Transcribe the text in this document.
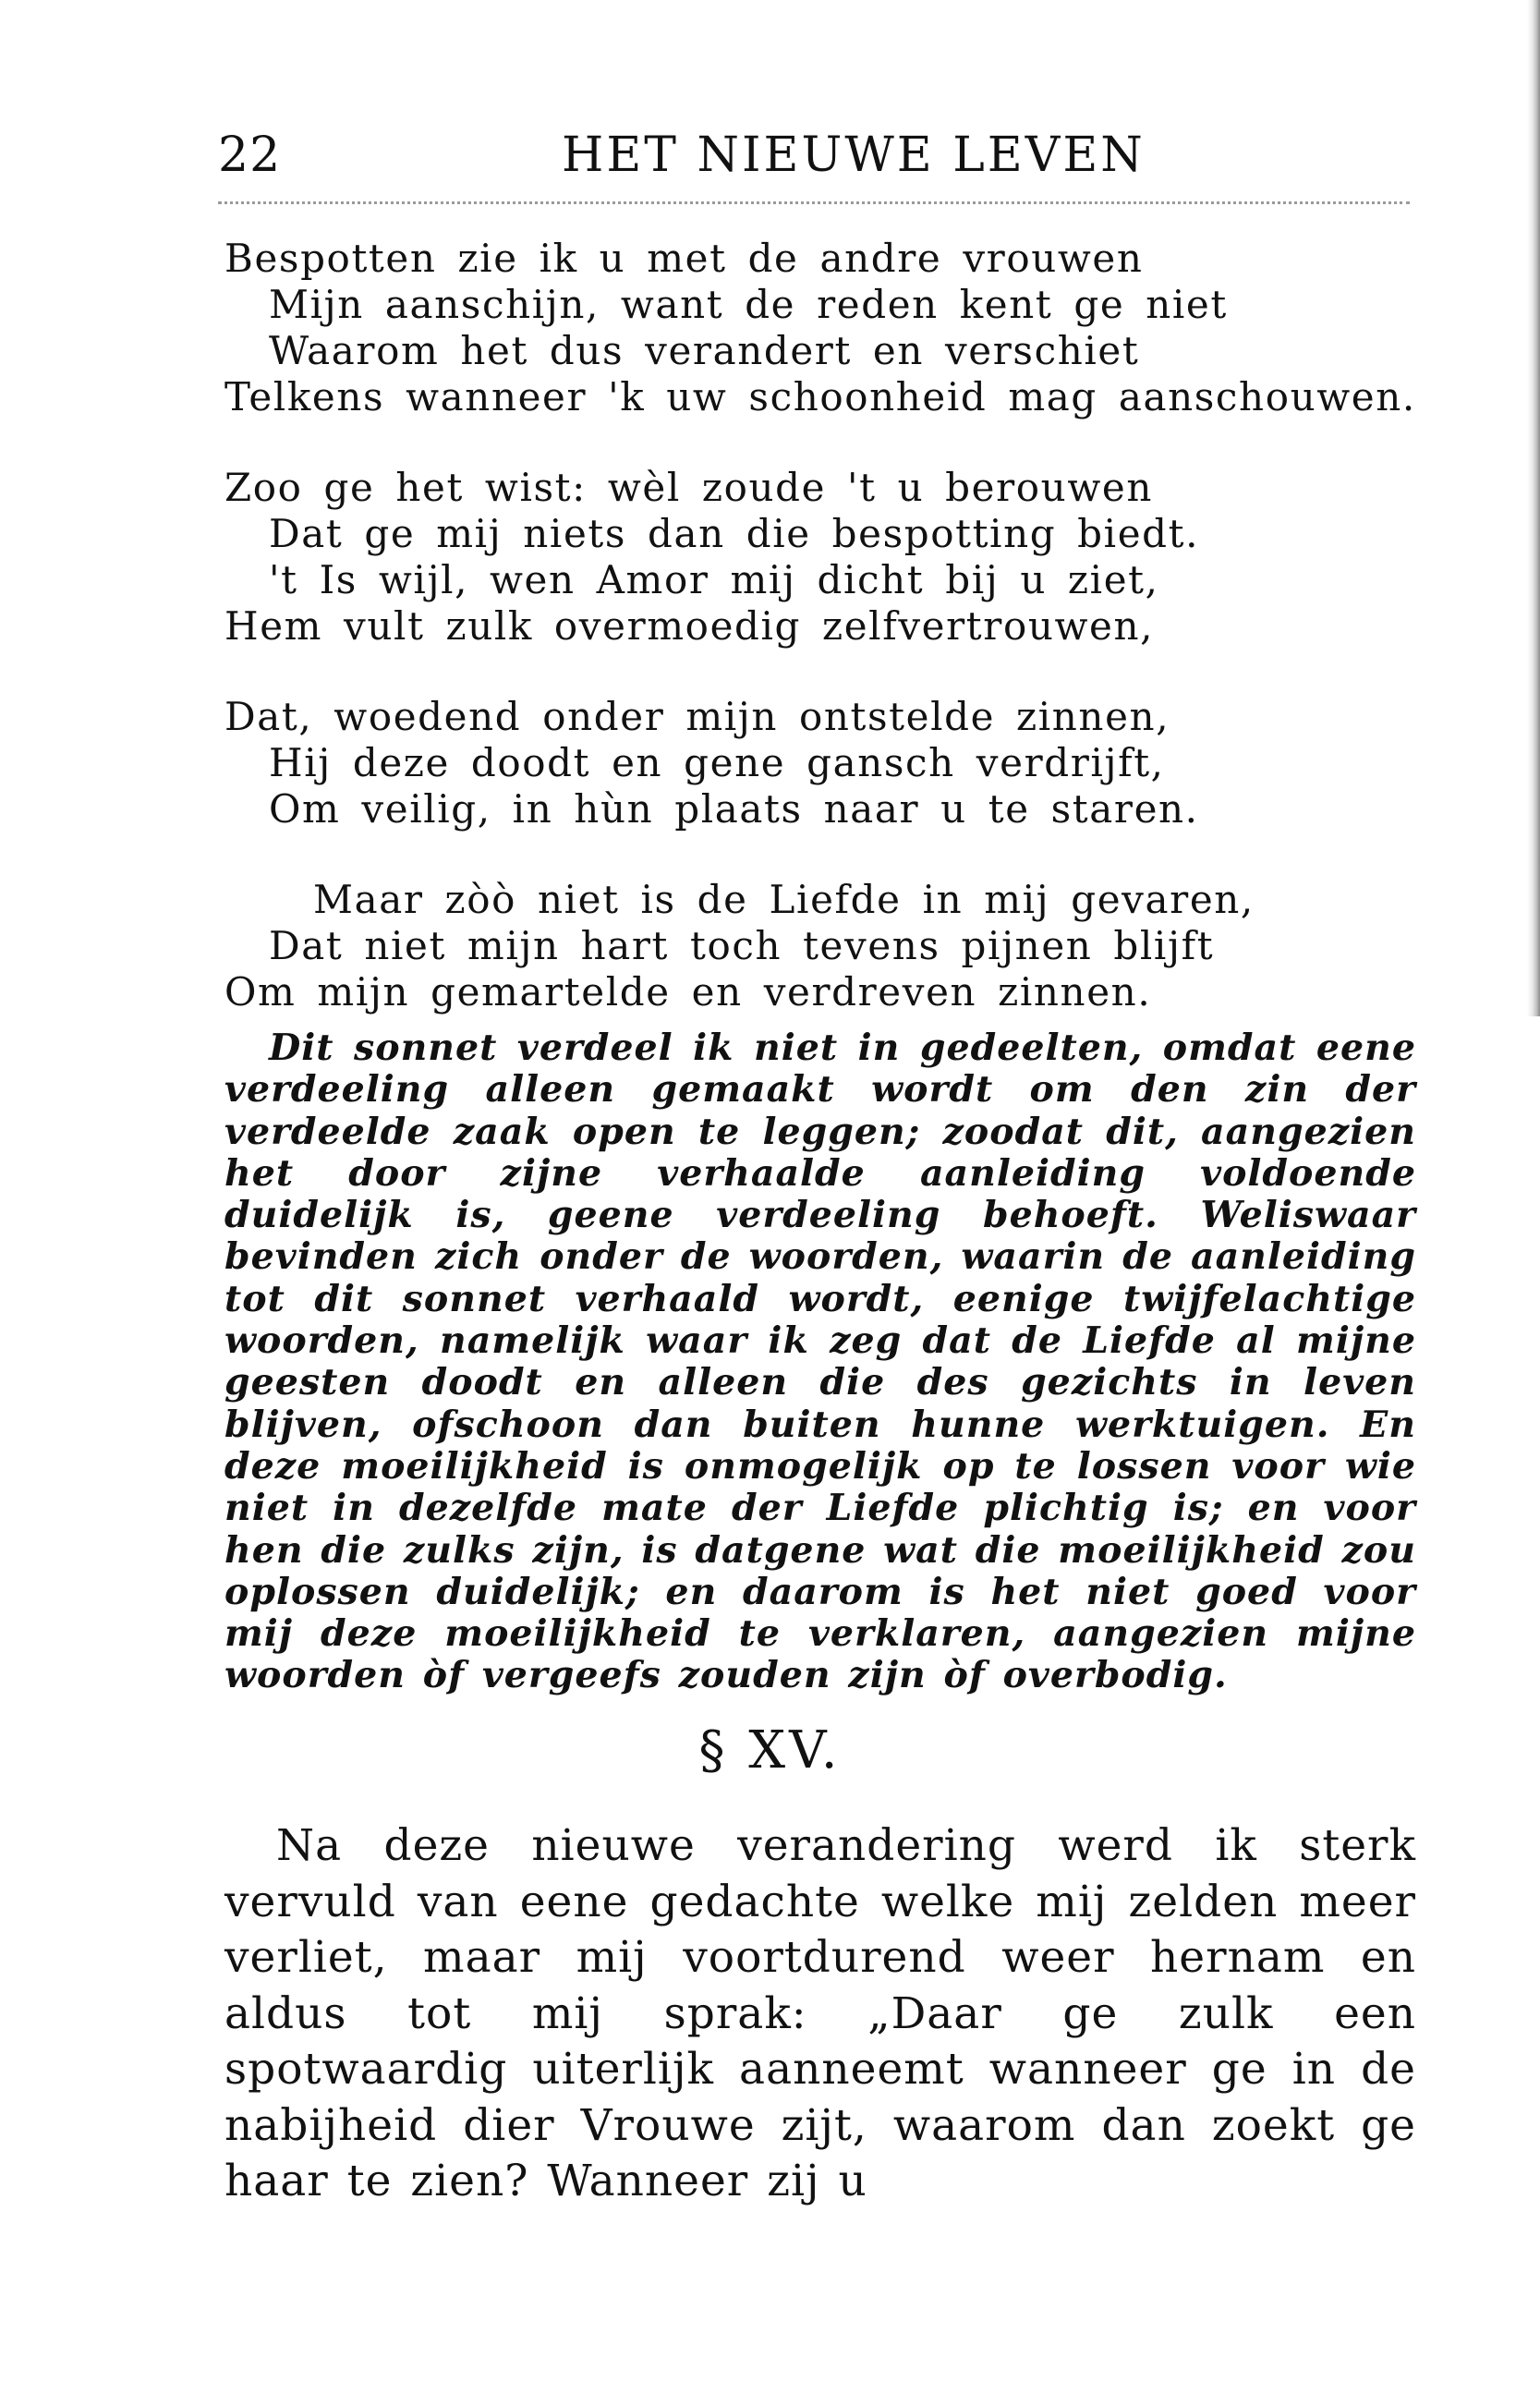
22	HET NIEUWE LEVEN
Bespotten zie ik u met de andre vrouwen
Mijn aanschijn, want de reden kent ge niet
Waarom het dus verandert en verschiet
Telkens wanneer 'k uw schoonheid mag aanschouwen.
Zoo ge het wist: wèl zoude 't u berouwen
Dat ge mij niets dan die bespotting biedt.
't Is wijl, wen Amor mij dicht bij u ziet,
Hem vult zulk overmoedig zelfvertrouwen,
Dat, woedend onder mijn ontstelde zinnen,
Hij deze doodt en gene gansch verdrijft,
Om veilig, in hùn plaats naar u te staren.
Maar zòò niet is de Liefde in mij gevaren,
Dat niet mijn hart toch tevens pijnen blijft
Om mijn gemartelde en verdreven zinnen.

Dit sonnet verdeel ik niet in gedeelten, omdat eene verdeeling alleen gemaakt wordt om den zin der verdeelde zaak open te leggen; zoodat dit, aangezien het door zijne verhaalde aanleiding voldoende duidelijk is, geene verdeeling behoeft. Weliswaar bevinden zich onder de woorden, waarin de aanleiding tot dit sonnet verhaald wordt, eenige twijfelachtige woorden, namelijk waar ik zeg dat de Liefde al mijne geesten doodt en alleen die des gezichts in leven blijven, ofschoon dan buiten hunne werktuigen. En deze moeilijkheid is onmogelijk op te lossen voor wie niet in dezelfde mate der Liefde plichtig is; en voor hen die zulks zijn, is datgene wat die moeilijkheid zou oplossen duidelijk; en daarom is het niet goed voor mij deze moeilijkheid te verklaren, aangezien mijne woorden òf vergeefs zouden zijn òf overbodig.

§ XV.

Na deze nieuwe verandering werd ik sterk vervuld van eene gedachte welke mij zelden meer verliet, maar mij voortdurend weer hernam en aldus tot mij sprak: „Daar ge zulk een spotwaardig uiterlijk aanneemt wanneer ge in de nabijheid dier Vrouwe zijt, waarom dan zoekt ge haar te zien? Wanneer zij u
